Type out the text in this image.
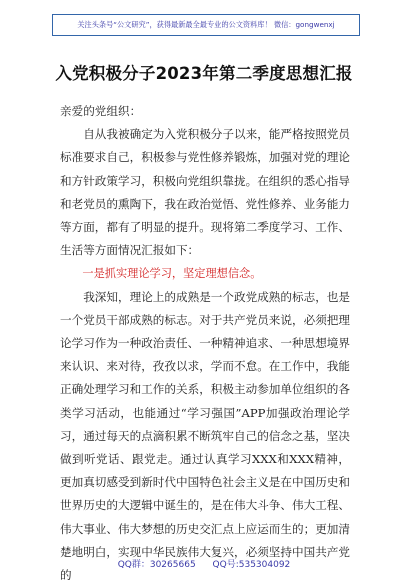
关注头条号“公文研究”，获得最新最全最专业的公文资料库！ 微信：gongwenxj
入党积极分子2023年第二季度思想汇报

亲爱的党组织：

自从我被确定为入党积极分子以来，能严格按照党员标准要求自己，积极参与党性修养锻炼，加强对党的理论和方针政策学习，积极向党组织靠拢。在组织的悉心指导和老党员的熏陶下，我在政治觉悟、党性修养、业务能力等方面，都有了明显的提升。现将第二季度学习、工作、生活等方面情况汇报如下：

一是抓实理论学习，坚定理想信念。

我深知，理论上的成熟是一个政党成熟的标志，也是一个党员干部成熟的标志。对于共产党员来说，必须把理论学习作为一种政治责任、一种精神追求、一种思想境界来认识、来对待，孜孜以求，学而不怠。在工作中，我能正确处理学习和工作的关系，积极主动参加单位组织的各类学习活动，也能通过“学习强国”APP加强政治理论学习，通过每天的点滴积累不断筑牢自己的信念之基，坚决做到听党话、跟党走。通过认真学习XXX和XXX精神，更加真切感受到新时代中国特色社会主义是在中国历史和世界历史的大逻辑中诞生的，是在伟大斗争、伟大工程、伟大事业、伟大梦想的历史交汇点上应运而生的；更加清楚地明白，实现中华民族伟大复兴，必须坚持中国共产党的

QQ群：30265665 QQ号:535304092
